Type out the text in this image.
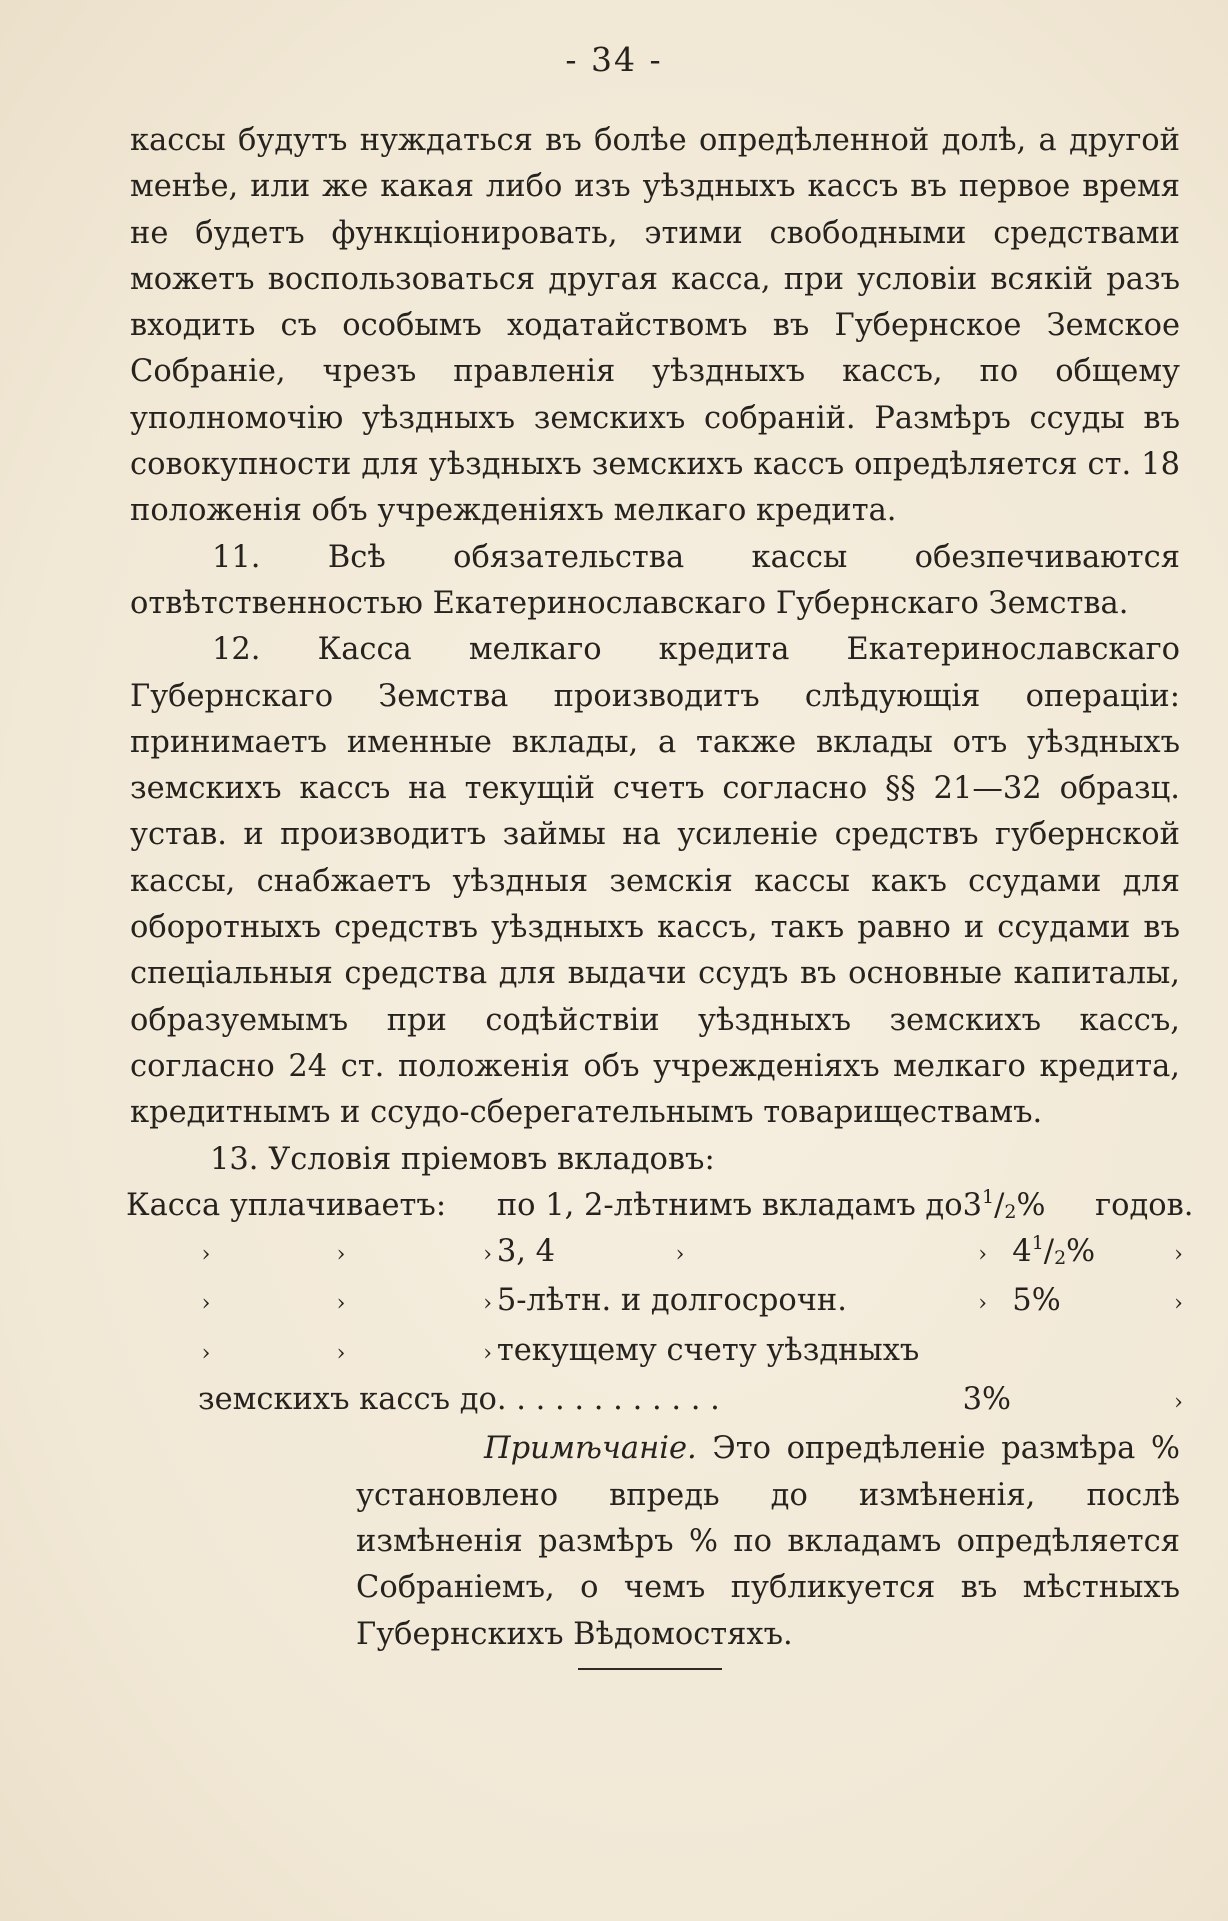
- 34 -

кассы будутъ нуждаться въ болѣе опредѣленной долѣ, а другой менѣе, или же какая либо изъ уѣздныхъ кассъ въ первое время не будетъ функціонировать, этими свободными средствами можетъ воспользоваться другая касса, при условіи всякій разъ входить съ особымъ ходатайствомъ въ Губернское Земское Собраніе, чрезъ правленія уѣздныхъ кассъ, по общему уполномочію уѣздныхъ земскихъ собраній. Размѣръ ссуды въ совокупности для уѣздныхъ земскихъ кассъ опредѣляется ст. 18 положенія объ учрежденіяхъ мелкаго кредита.

11. Всѣ обязательства кассы обезпечиваются отвѣтственностью Екатеринославскаго Губернскаго Земства.

12. Касса мелкаго кредита Екатеринославскаго Губернскаго Земства производитъ слѣдующія операціи: принимаетъ именные вклады, а также вклады отъ уѣздныхъ земскихъ кассъ на текущій счетъ согласно §§ 21—32 образц. устав. и производитъ займы на усиленіе средствъ губернской кассы, снабжаетъ уѣздныя земскія кассы какъ ссудами для оборотныхъ средствъ уѣздныхъ кассъ, такъ равно и ссудами въ спеціальныя средства для выдачи ссудъ въ основные капиталы, образуемымъ при содѣйствіи уѣздныхъ земскихъ кассъ, согласно 24 ст. положенія объ учрежденіяхъ мелкаго кредита, кредитнымъ и ссудо-сберегательнымъ товариществамъ.

13. Условія пріемовъ вкладовъ:

Касса уплачиваетъ:	по 1, 2-лѣтнимъ вкладамъ до	$3^1/_2\%$	годов.
› › ›	3, 4 ›	› $4^1/_2\%$	›
› › ›	5-лѣтн. и долгосрочн.	› 5%	›
› › ›	текущему счету уѣздныхъ		
земскихъ кассъ до	. . . . . . . . . . . .	3%	›

Примѣчаніе. Это опредѣленіе размѣра % установлено впредь до измѣненія, послѣ измѣненія размѣръ % по вкладамъ опредѣляется Собраніемъ, о чемъ публикуется въ мѣстныхъ Губернскихъ Вѣдомостяхъ.
